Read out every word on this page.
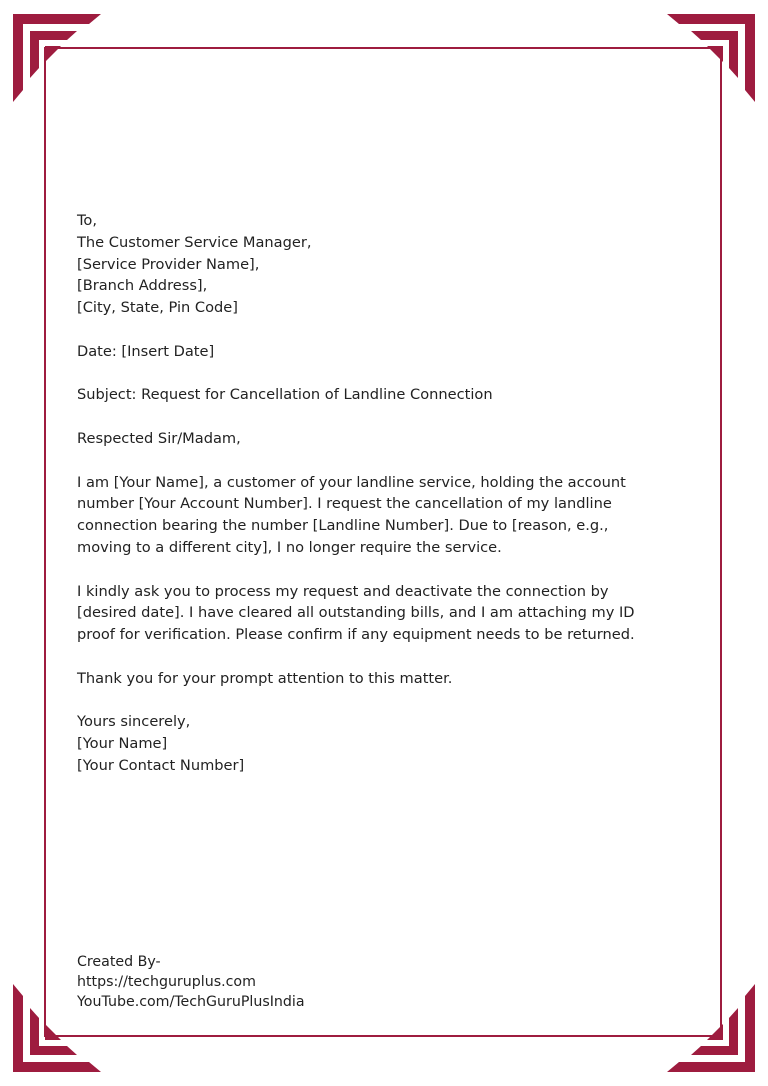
To,
The Customer Service Manager,
[Service Provider Name],
[Branch Address],
[City, State, Pin Code]

Date: [Insert Date]

Subject: Request for Cancellation of Landline Connection

Respected Sir/Madam,

I am [Your Name], a customer of your landline service, holding the account
number [Your Account Number]. I request the cancellation of my landline
connection bearing the number [Landline Number]. Due to [reason, e.g.,
moving to a different city], I no longer require the service.

I kindly ask you to process my request and deactivate the connection by
[desired date]. I have cleared all outstanding bills, and I am attaching my ID
proof for verification. Please confirm if any equipment needs to be returned.

Thank you for your prompt attention to this matter.

Yours sincerely,
[Your Name]
[Your Contact Number]

Created By-
https://techguruplus.com
YouTube.com/TechGuruPlusIndia
